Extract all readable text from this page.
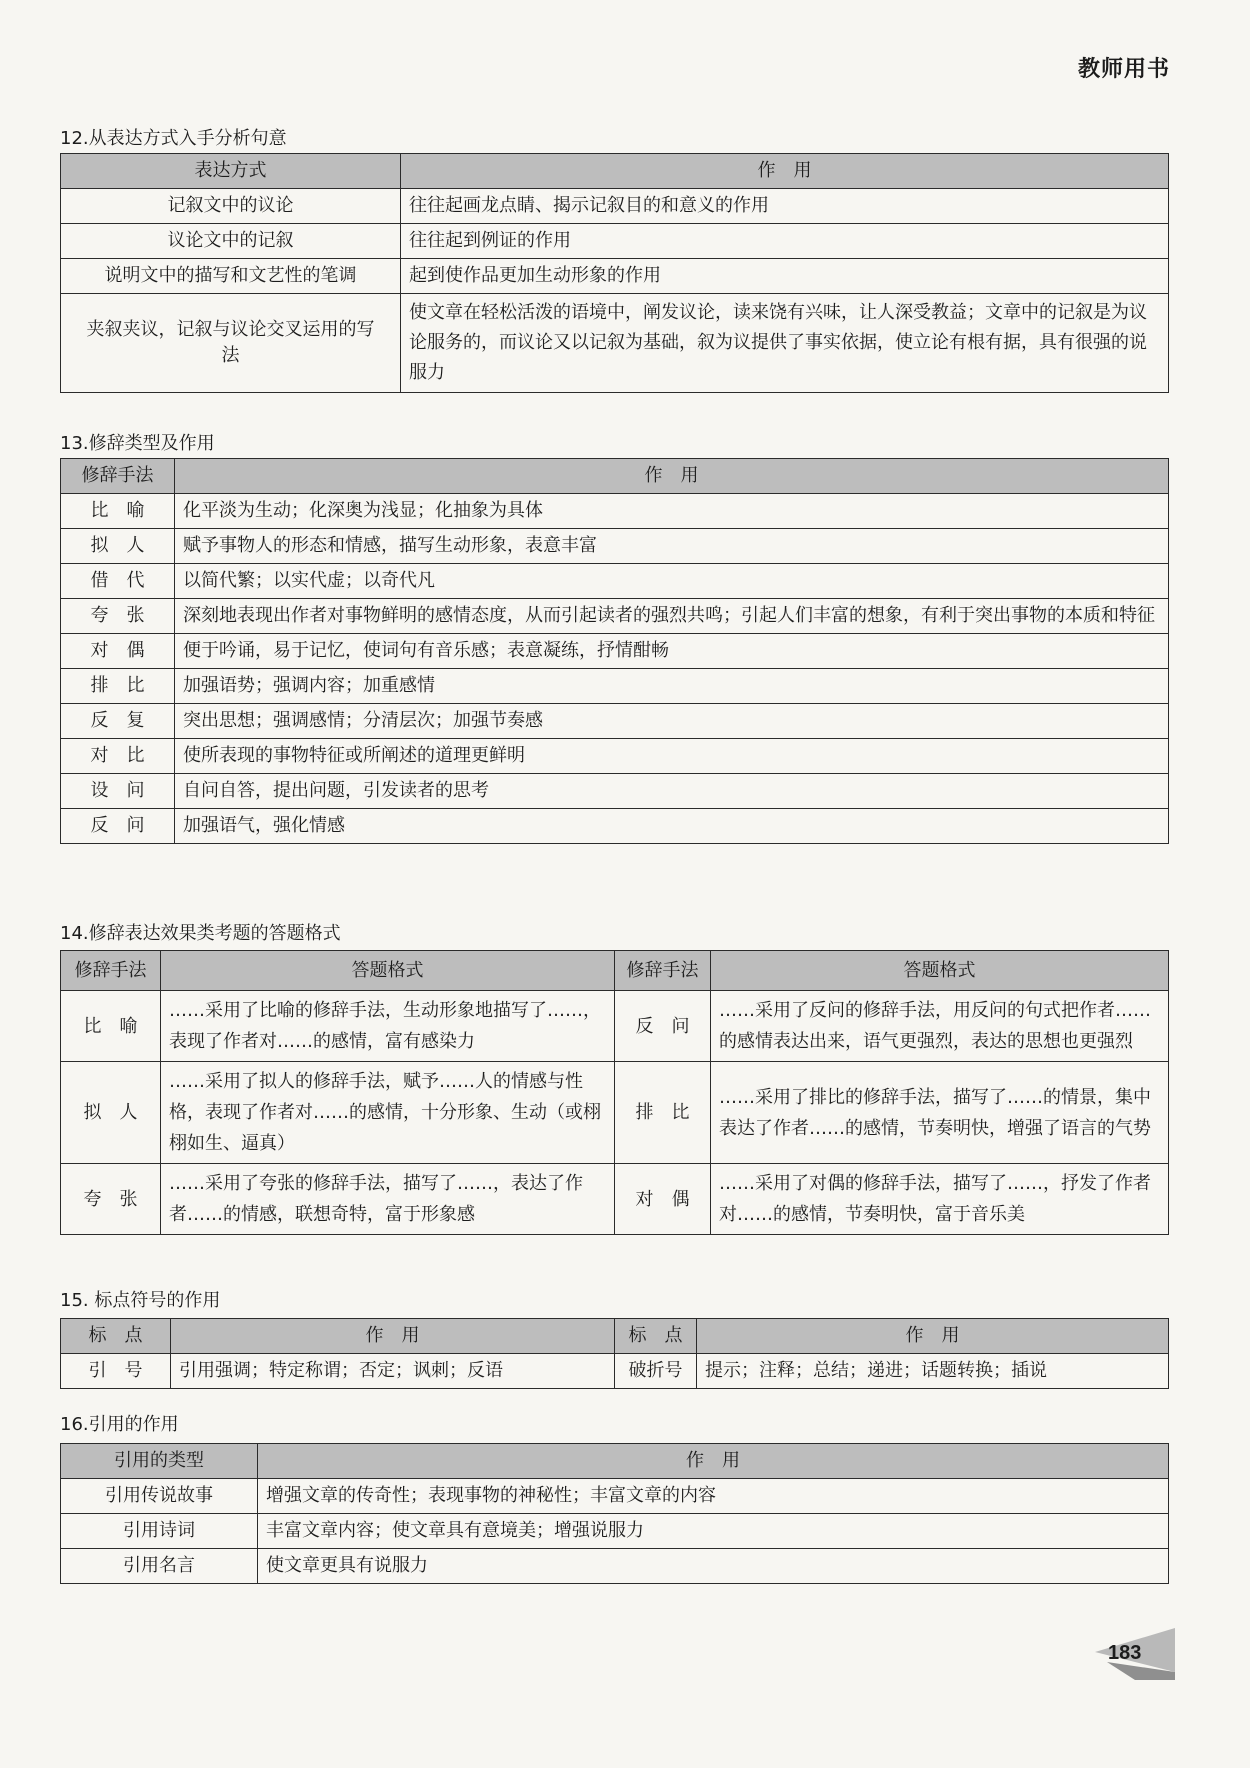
教师用书
12.从表达方式入手分析句意
表达方式	作　用
记叙文中的议论	往往起画龙点睛、揭示记叙目的和意义的作用
议论文中的记叙	往往起到例证的作用
说明文中的描写和文艺性的笔调	起到使作品更加生动形象的作用
夹叙夹议，记叙与议论交叉运用的写法	使文章在轻松活泼的语境中，阐发议论，读来饶有兴味，让人深受教益；文章中的记叙是为议论服务的，而议论又以记叙为基础，叙为议提供了事实依据，使立论有根有据，具有很强的说服力
13.修辞类型及作用
修辞手法	作　用
比　喻	化平淡为生动；化深奥为浅显；化抽象为具体
拟　人	赋予事物人的形态和情感，描写生动形象，表意丰富
借　代	以简代繁；以实代虚；以奇代凡
夸　张	深刻地表现出作者对事物鲜明的感情态度，从而引起读者的强烈共鸣；引起人们丰富的想象，有利于突出事物的本质和特征
对　偶	便于吟诵，易于记忆，使词句有音乐感；表意凝练，抒情酣畅
排　比	加强语势；强调内容；加重感情
反　复	突出思想；强调感情；分清层次；加强节奏感
对　比	使所表现的事物特征或所阐述的道理更鲜明
设　问	自问自答，提出问题，引发读者的思考
反　问	加强语气，强化情感
14.修辞表达效果类考题的答题格式
修辞手法	答题格式	修辞手法	答题格式
比　喻	……采用了比喻的修辞手法，生动形象地描写了……，表现了作者对……的感情，富有感染力	反　问	……采用了反问的修辞手法，用反问的句式把作者……的感情表达出来，语气更强烈，表达的思想也更强烈
拟　人	……采用了拟人的修辞手法，赋予……人的情感与性格，表现了作者对……的感情，十分形象、生动（或栩栩如生、逼真）	排　比	……采用了排比的修辞手法，描写了……的情景，集中表达了作者……的感情，节奏明快，增强了语言的气势
夸　张	……采用了夸张的修辞手法，描写了……，表达了作者……的情感，联想奇特，富于形象感	对　偶	……采用了对偶的修辞手法，描写了……，抒发了作者对……的感情，节奏明快，富于音乐美
15. 标点符号的作用
标　点	作　用	标　点	作　用
引　号	引用强调；特定称谓；否定；讽刺；反语	破折号	提示；注释；总结；递进；话题转换；插说
16.引用的作用
引用的类型	作　用
引用传说故事	增强文章的传奇性；表现事物的神秘性；丰富文章的内容
引用诗词	丰富文章内容；使文章具有意境美；增强说服力
引用名言	使文章更具有说服力
183
